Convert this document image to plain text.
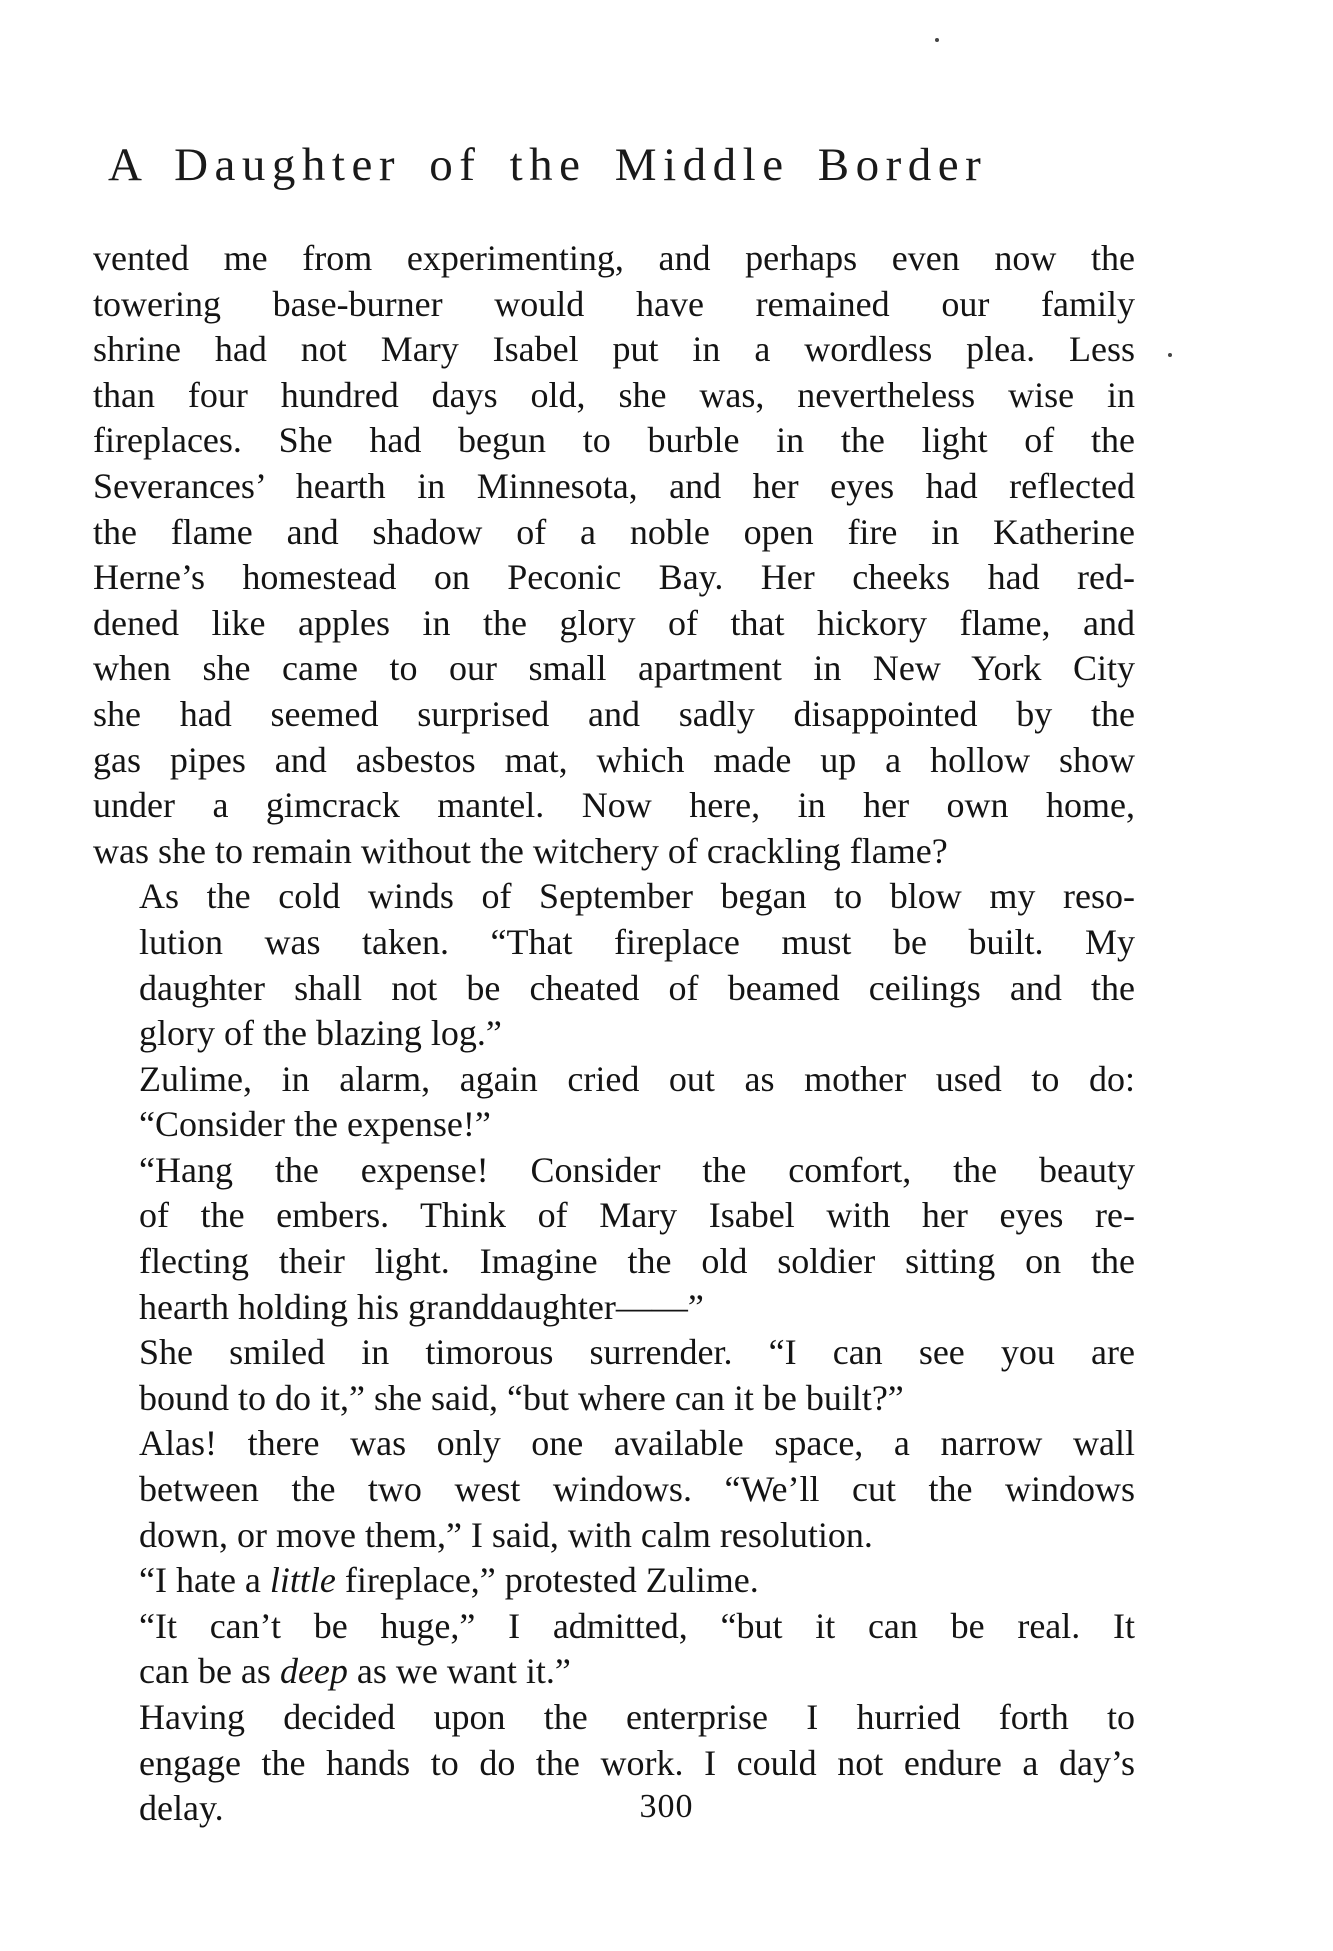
A Daughter of the Middle Border

vented me from experimenting, and perhaps even now the
towering base-burner would have remained our family
shrine had not Mary Isabel put in a wordless plea. Less
than four hundred days old, she was, nevertheless wise in
fireplaces. She had begun to burble in the light of the
Severances’ hearth in Minnesota, and her eyes had reflected
the flame and shadow of a noble open fire in Katherine
Herne’s homestead on Peconic Bay. Her cheeks had red-
dened like apples in the glory of that hickory flame, and
when she came to our small apartment in New York City
she had seemed surprised and sadly disappointed by the
gas pipes and asbestos mat, which made up a hollow show
under a gimcrack mantel. Now here, in her own home,
was she to remain without the witchery of crackling flame?

As the cold winds of September began to blow my reso-
lution was taken. “That fireplace must be built. My
daughter shall not be cheated of beamed ceilings and the
glory of the blazing log.”

Zulime, in alarm, again cried out as mother used to do:
“Consider the expense!”

“Hang the expense! Consider the comfort, the beauty
of the embers. Think of Mary Isabel with her eyes re-
flecting their light. Imagine the old soldier sitting on the
hearth holding his granddaughter——”

She smiled in timorous surrender. “I can see you are
bound to do it,” she said, “but where can it be built?”

Alas! there was only one available space, a narrow wall
between the two west windows. “We’ll cut the windows
down, or move them,” I said, with calm resolution.

“I hate a little fireplace,” protested Zulime.

“It can’t be huge,” I admitted, “but it can be real. It
can be as deep as we want it.”

Having decided upon the enterprise I hurried forth to
engage the hands to do the work. I could not endure a day’s
delay.	300
